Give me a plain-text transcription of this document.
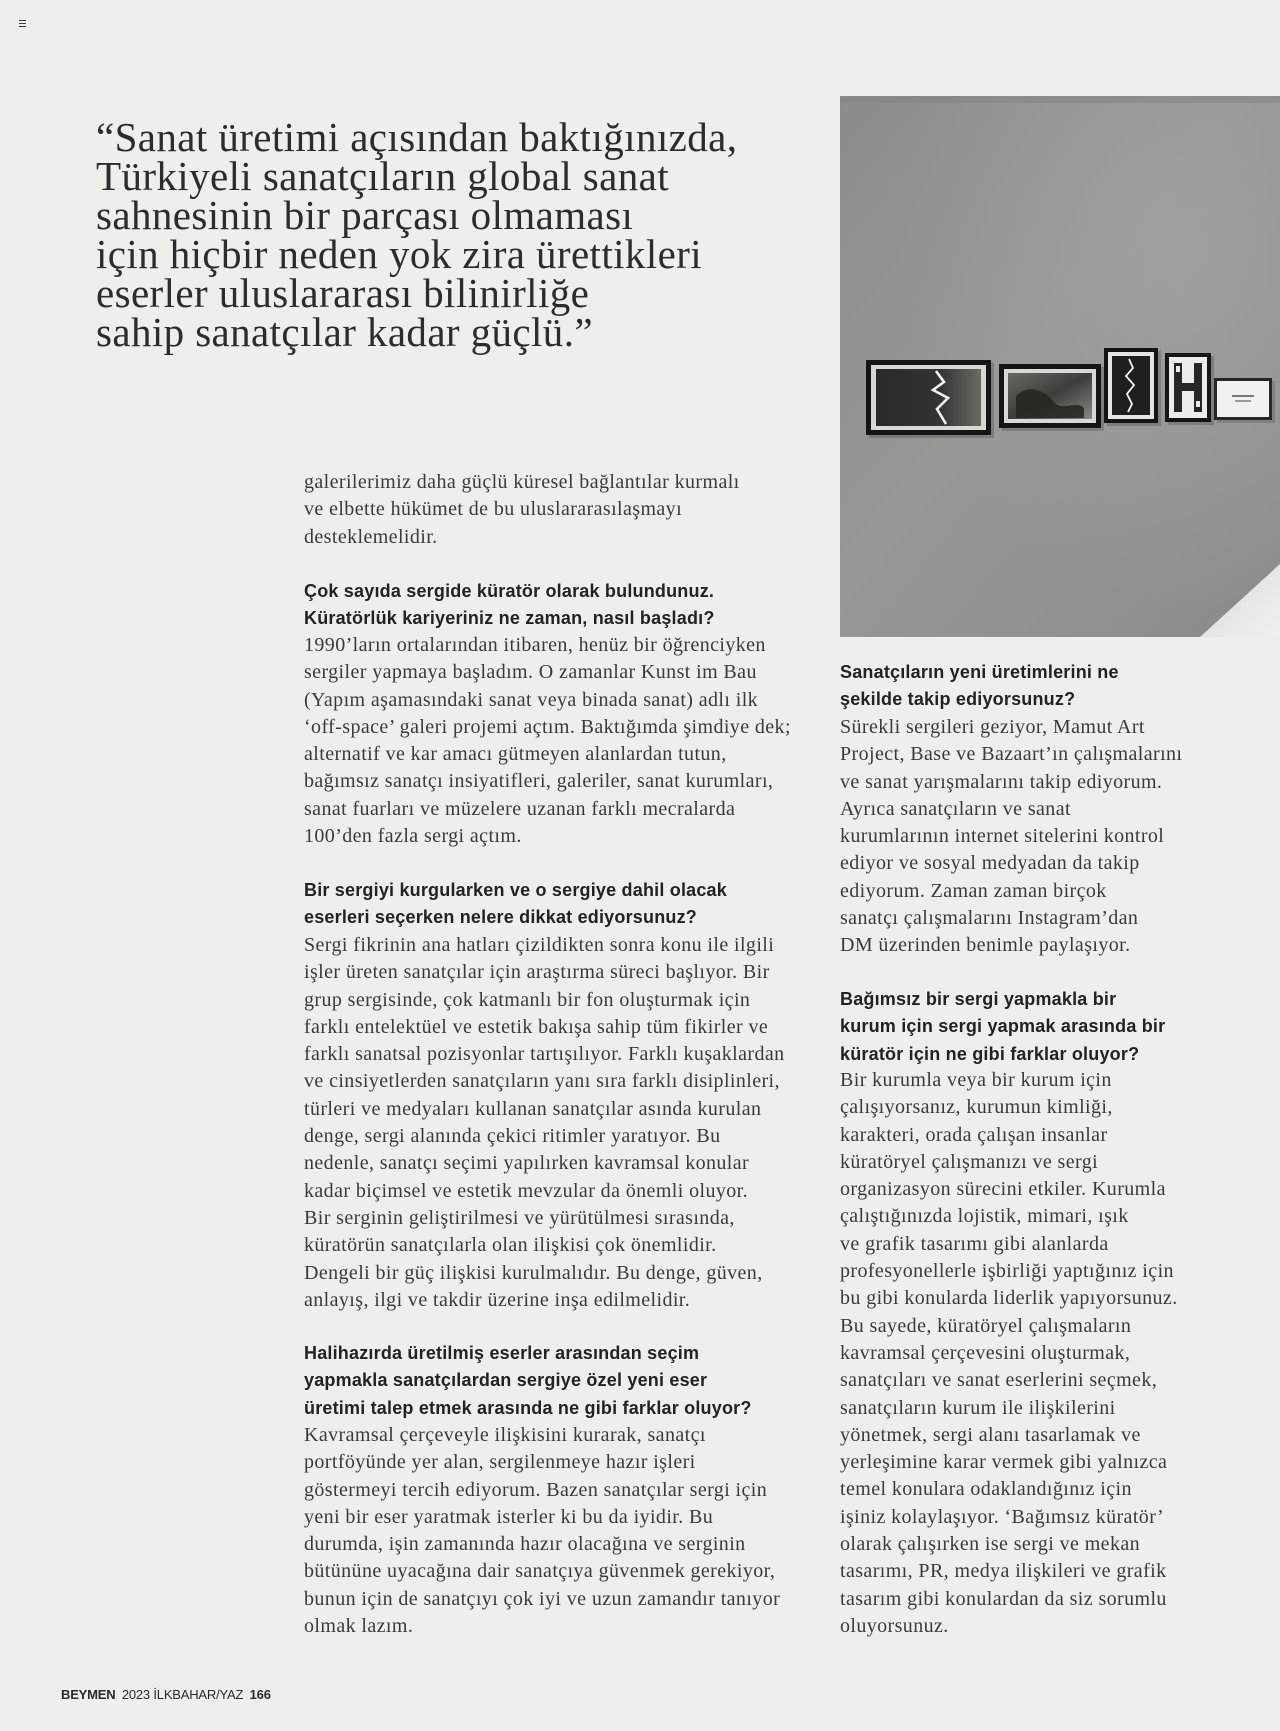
“Sanat üretimi açısından baktığınızda,
Türkiyeli sanatçıların global sanat
sahnesinin bir parçası olmaması
için hiçbir neden yok zira ürettikleri
eserler uluslararası bilinirliğe
sahip sanatçılar kadar güçlü.”

galerilerimiz daha güçlü küresel bağlantılar kurmalı
ve elbette hükümet de bu uluslararasılaşmayı
desteklemelidir.

Çok sayıda sergide küratör olarak bulundunuz.
Küratörlük kariyeriniz ne zaman, nasıl başladı?

1990’ların ortalarından itibaren, henüz bir öğrenciyken
sergiler yapmaya başladım. O zamanlar Kunst im Bau
(Yapım aşamasındaki sanat veya binada sanat) adlı ilk
‘off-space’ galeri projemi açtım. Baktığımda şimdiye dek;
alternatif ve kar amacı gütmeyen alanlardan tutun,
bağımsız sanatçı insiyatifleri, galeriler, sanat kurumları,
sanat fuarları ve müzelere uzanan farklı mecralarda
100’den fazla sergi açtım.

Bir sergiyi kurgularken ve o sergiye dahil olacak
eserleri seçerken nelere dikkat ediyorsunuz?

Sergi fikrinin ana hatları çizildikten sonra konu ile ilgili
işler üreten sanatçılar için araştırma süreci başlıyor. Bir
grup sergisinde, çok katmanlı bir fon oluşturmak için
farklı entelektüel ve estetik bakışa sahip tüm fikirler ve
farklı sanatsal pozisyonlar tartışılıyor. Farklı kuşaklardan
ve cinsiyetlerden sanatçıların yanı sıra farklı disiplinleri,
türleri ve medyaları kullanan sanatçılar asında kurulan
denge, sergi alanında çekici ritimler yaratıyor. Bu
nedenle, sanatçı seçimi yapılırken kavramsal konular
kadar biçimsel ve estetik mevzular da önemli oluyor.
Bir serginin geliştirilmesi ve yürütülmesi sırasında,
küratörün sanatçılarla olan ilişkisi çok önemlidir.
Dengeli bir güç ilişkisi kurulmalıdır. Bu denge, güven,
anlayış, ilgi ve takdir üzerine inşa edilmelidir.

Halihazırda üretilmiş eserler arasından seçim
yapmakla sanatçılardan sergiye özel yeni eser
üretimi talep etmek arasında ne gibi farklar oluyor?

Kavramsal çerçeveyle ilişkisini kurarak, sanatçı
portföyünde yer alan, sergilenmeye hazır işleri
göstermeyi tercih ediyorum. Bazen sanatçılar sergi için
yeni bir eser yaratmak isterler ki bu da iyidir. Bu
durumda, işin zamanında hazır olacağına ve serginin
bütününe uyacağına dair sanatçıya güvenmek gerekiyor,
bunun için de sanatçıyı çok iyi ve uzun zamandır tanıyor
olmak lazım.

Sanatçıların yeni üretimlerini ne
şekilde takip ediyorsunuz?

Sürekli sergileri geziyor, Mamut Art
Project, Base ve Bazaart’ın çalışmalarını
ve sanat yarışmalarını takip ediyorum.
Ayrıca sanatçıların ve sanat
kurumlarının internet sitelerini kontrol
ediyor ve sosyal medyadan da takip
ediyorum. Zaman zaman birçok
sanatçı çalışmalarını Instagram’dan
DM üzerinden benimle paylaşıyor.

Bağımsız bir sergi yapmakla bir
kurum için sergi yapmak arasında bir
küratör için ne gibi farklar oluyor?

Bir kurumla veya bir kurum için
çalışıyorsanız, kurumun kimliği,
karakteri, orada çalışan insanlar
küratöryel çalışmanızı ve sergi
organizasyon sürecini etkiler. Kurumla
çalıştığınızda lojistik, mimari, ışık
ve grafik tasarımı gibi alanlarda
profesyonellerle işbirliği yaptığınız için
bu gibi konularda liderlik yapıyorsunuz.
Bu sayede, küratöryel çalışmaların
kavramsal çerçevesini oluşturmak,
sanatçıları ve sanat eserlerini seçmek,
sanatçıların kurum ile ilişkilerini
yönetmek, sergi alanı tasarlamak ve
yerleşimine karar vermek gibi yalnızca
temel konulara odaklandığınız için
işiniz kolaylaşıyor. ‘Bağımsız küratör’
olarak çalışırken ise sergi ve mekan
tasarımı, PR, medya ilişkileri ve grafik
tasarım gibi konulardan da siz sorumlu
oluyorsunuz.

BEYMEN 2023 İLKBAHAR/YAZ 166
